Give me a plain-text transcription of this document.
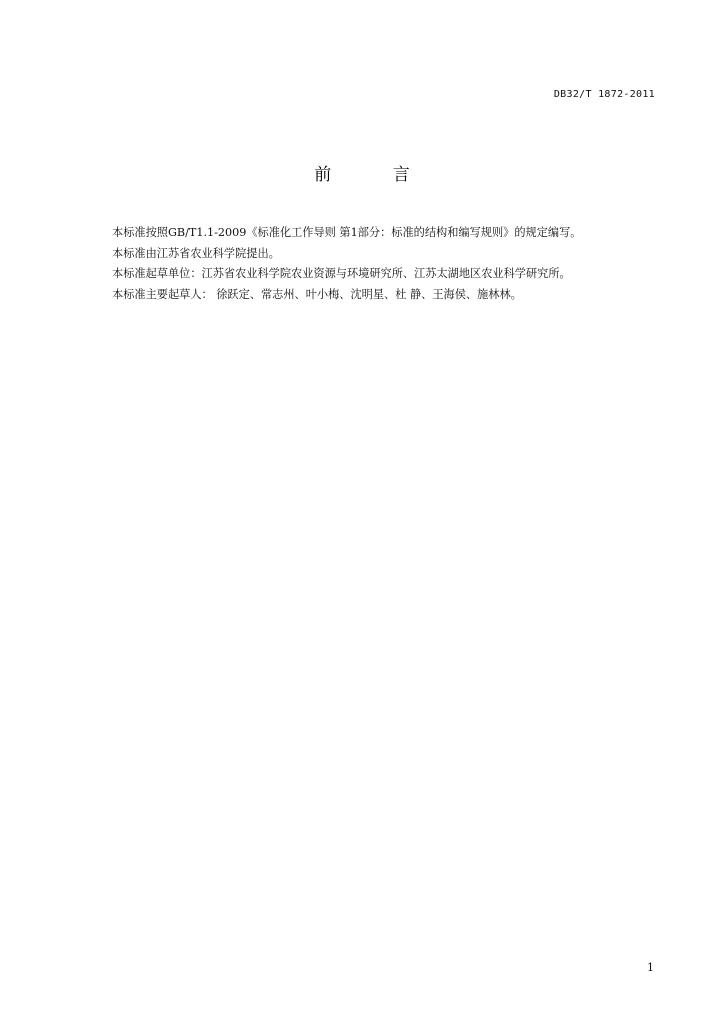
DB32/T 1872-2011
前 言
本标准按照GB/T1.1-2009《标准化工作导则 第1部分：标准的结构和编写规则》的规定编写。
本标准由江苏省农业科学院提出。
本标准起草单位：江苏省农业科学院农业资源与环境研究所、江苏太湖地区农业科学研究所。
本标准主要起草人： 徐跃定、常志州、叶小梅、沈明星、杜 静、王海侯、施林林。
1
